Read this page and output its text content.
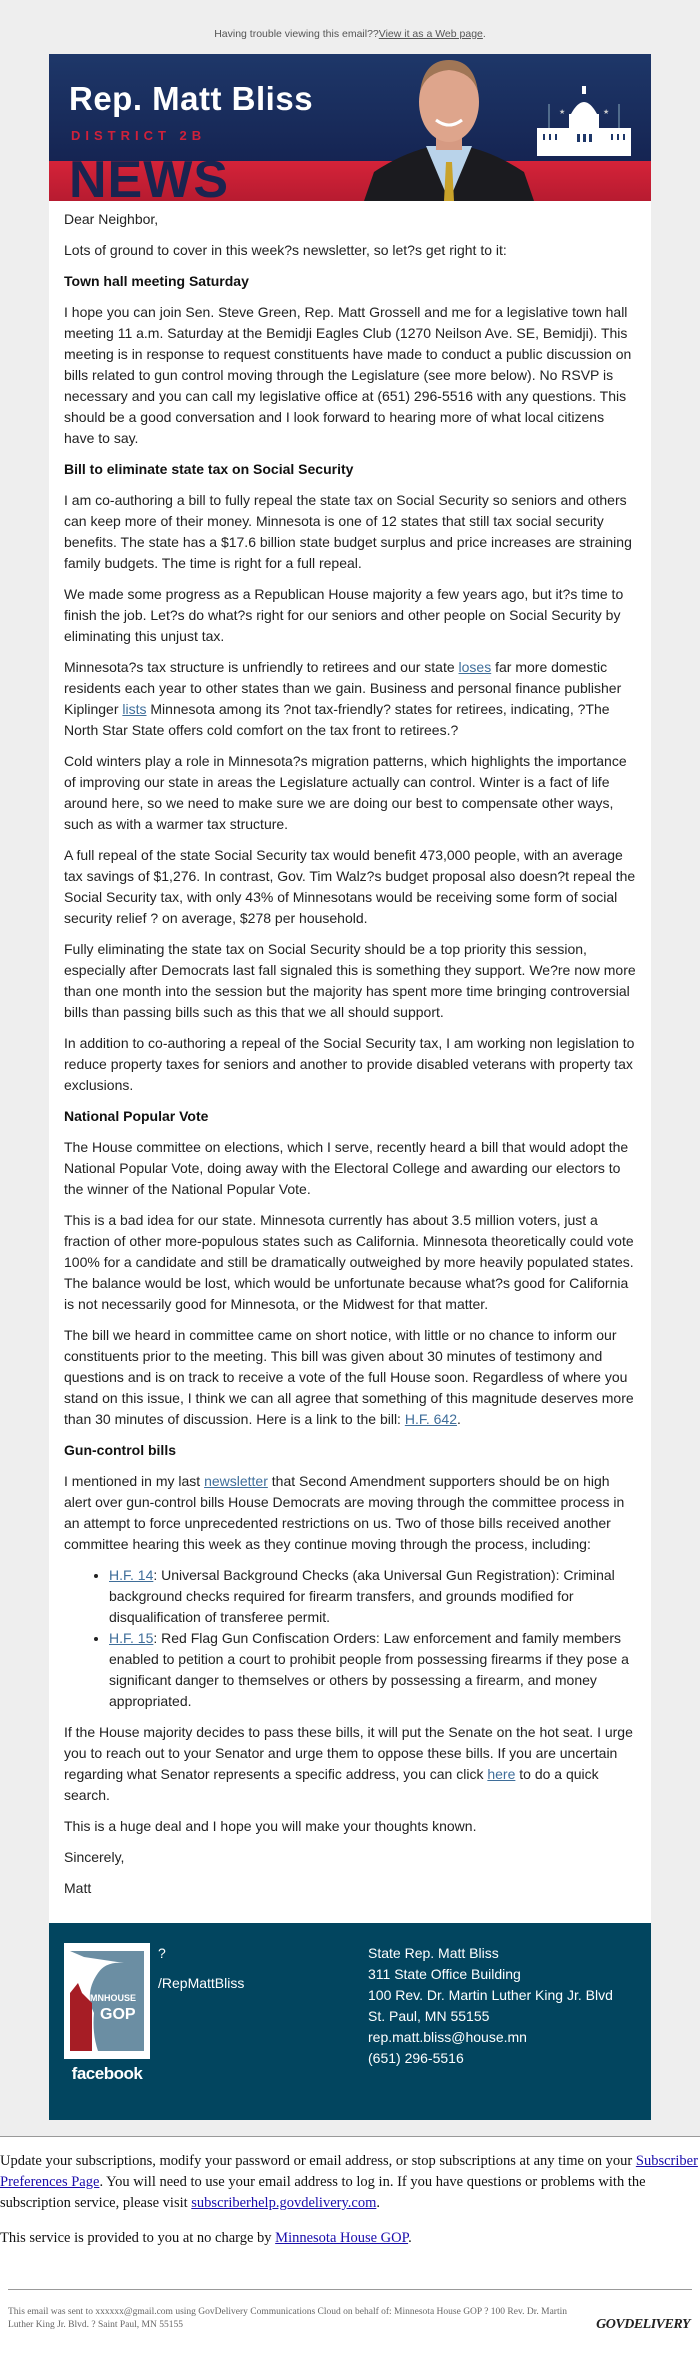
Having trouble viewing this email??View it as a Web page.
Rep. Matt Bliss
DISTRICT 2B
NEWS
★	★

Dear Neighbor,

Lots of ground to cover in this week?s newsletter, so let?s get right to it:

Town hall meeting Saturday

I hope you can join Sen. Steve Green, Rep. Matt Grossell and me for a legislative town hall meeting 11 a.m. Saturday at the Bemidji Eagles Club (1270 Neilson Ave. SE, Bemidji). This meeting is in response to request constituents have made to conduct a public discussion on bills related to gun control moving through the Legislature (see more below). No RSVP is necessary and you can call my legislative office at (651) 296-5516 with any questions. This should be a good conversation and I look forward to hearing more of what local citizens have to say.

Bill to eliminate state tax on Social Security

I am co-authoring a bill to fully repeal the state tax on Social Security so seniors and others can keep more of their money. Minnesota is one of 12 states that still tax social security benefits. The state has a $17.6 billion state budget surplus and price increases are straining family budgets. The time is right for a full repeal.

We made some progress as a Republican House majority a few years ago, but it?s time to finish the job. Let?s do what?s right for our seniors and other people on Social Security by eliminating this unjust tax.

Minnesota?s tax structure is unfriendly to retirees and our state loses far more domestic residents each year to other states than we gain. Business and personal finance publisher Kiplinger lists Minnesota among its ?not tax-friendly? states for retirees, indicating, ?The North Star State offers cold comfort on the tax front to retirees.?

Cold winters play a role in Minnesota?s migration patterns, which highlights the importance of improving our state in areas the Legislature actually can control. Winter is a fact of life around here, so we need to make sure we are doing our best to compensate other ways, such as with a warmer tax structure.

A full repeal of the state Social Security tax would benefit 473,000 people, with an average tax savings of $1,276. In contrast, Gov. Tim Walz?s budget proposal also doesn?t repeal the Social Security tax, with only 43% of Minnesotans would be receiving some form of social security relief ? on average, $278 per household.

Fully eliminating the state tax on Social Security should be a top priority this session, especially after Democrats last fall signaled this is something they support. We?re now more than one month into the session but the majority has spent more time bringing controversial bills than passing bills such as this that we all should support.

In addition to co-authoring a repeal of the Social Security tax, I am working non legislation to reduce property taxes for seniors and another to provide disabled veterans with property tax exclusions.

National Popular Vote

The House committee on elections, which I serve, recently heard a bill that would adopt the National Popular Vote, doing away with the Electoral College and awarding our electors to the winner of the National Popular Vote.

This is a bad idea for our state. Minnesota currently has about 3.5 million voters, just a fraction of other more-populous states such as California. Minnesota theoretically could vote 100% for a candidate and still be dramatically outweighed by more heavily populated states. The balance would be lost, which would be unfortunate because what?s good for California is not necessarily good for Minnesota, or the Midwest for that matter.

The bill we heard in committee came on short notice, with little or no chance to inform our constituents prior to the meeting. This bill was given about 30 minutes of testimony and questions and is on track to receive a vote of the full House soon. Regardless of where you stand on this issue, I think we can all agree that something of this magnitude deserves more than 30 minutes of discussion. Here is a link to the bill: H.F. 642.

Gun-control bills

I mentioned in my last newsletter that Second Amendment supporters should be on high alert over gun-control bills House Democrats are moving through the committee process in an attempt to force unprecedented restrictions on us. Two of those bills received another committee hearing this week as they continue moving through the process, including:

• H.F. 14: Universal Background Checks (aka Universal Gun Registration): Criminal background checks required for firearm transfers, and grounds modified for disqualification of transferee permit.
• H.F. 15: Red Flag Gun Confiscation Orders: Law enforcement and family members enabled to petition a court to prohibit people from possessing firearms if they pose a significant danger to themselves or others by possessing a firearm, and money appropriated.

If the House majority decides to pass these bills, it will put the Senate on the hot seat. I urge you to reach out to your Senator and urge them to oppose these bills. If you are uncertain regarding what Senator represents a specific address, you can click here to do a quick search.

This is a huge deal and I hope you will make your thoughts known.

Sincerely,

Matt

MNHOUSE
GOP
facebook
?
/RepMattBliss
State Rep. Matt Bliss
311 State Office Building
100 Rev. Dr. Martin Luther King Jr. Blvd
St. Paul, MN 55155
rep.matt.bliss@house.mn
(651) 296-5516

Update your subscriptions, modify your password or email address, or stop subscriptions at any time on your Subscriber Preferences Page. You will need to use your email address to log in. If you have questions or problems with the subscription service, please visit subscriberhelp.govdelivery.com.

This service is provided to you at no charge by Minnesota House GOP.

This email was sent to xxxxxx@gmail.com using GovDelivery Communications Cloud on behalf of: Minnesota House GOP ? 100 Rev. Dr. Martin Luther King Jr. Blvd. ? Saint Paul, MN 55155	GOVDELIVERY
